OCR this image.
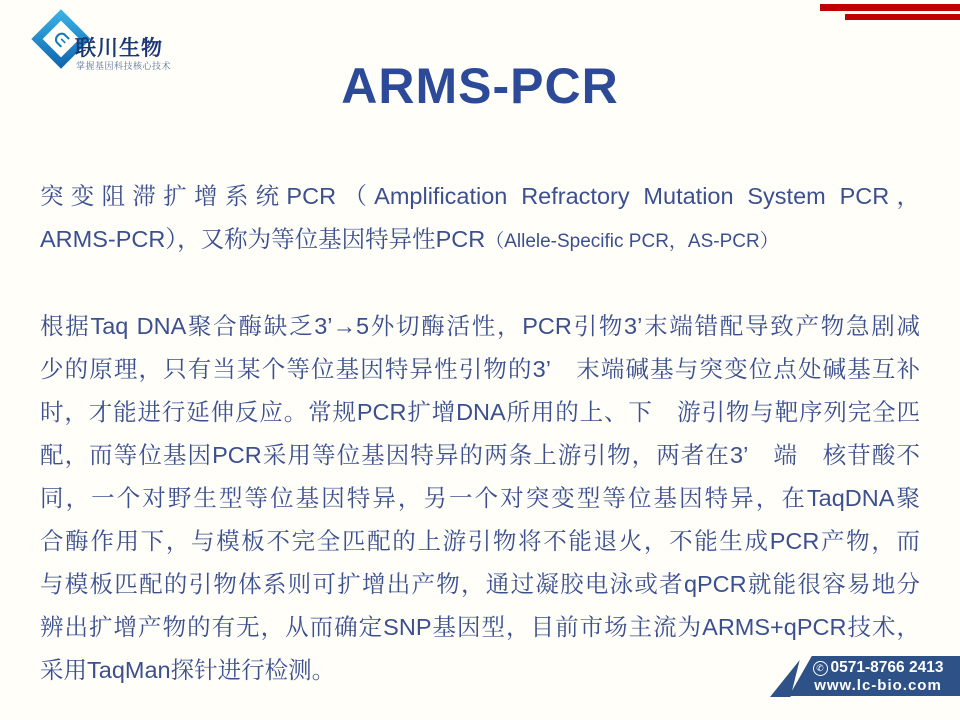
ᕮ 联川生物
掌握基因科技核心技术	ARMS-PCR
突变阻滞扩增系统PCR（Amplification Refractory Mutation System PCR，
ARMS-PCR），又称为等位基因特异性PCR（Allele-Specific PCR，AS-PCR）
根据Taq DNA聚合酶缺乏3’→5外切酶活性，PCR引物3’末端错配导致产物急剧减
少的原理，只有当某个等位基因特异性引物的3’　末端碱基与突变位点处碱基互补
时，才能进行延伸反应。常规PCR扩增DNA所用的上、下　游引物与靶序列完全匹
配，而等位基因PCR采用等位基因特异的两条上游引物，两者在3’　端　核苷酸不
同，一个对野生型等位基因特异，另一个对突变型等位基因特异，在TaqDNA聚
合酶作用下，与模板不完全匹配的上游引物将不能退火，不能生成PCR产物，而
与模板匹配的引物体系则可扩增出产物，通过凝胶电泳或者qPCR就能很容易地分
辨出扩增产物的有无，从而确定SNP基因型，目前市场主流为ARMS+qPCR技术，
采用TaqMan探针进行检测。	✆ 0571-8766 2413
www.lc-bio.com
